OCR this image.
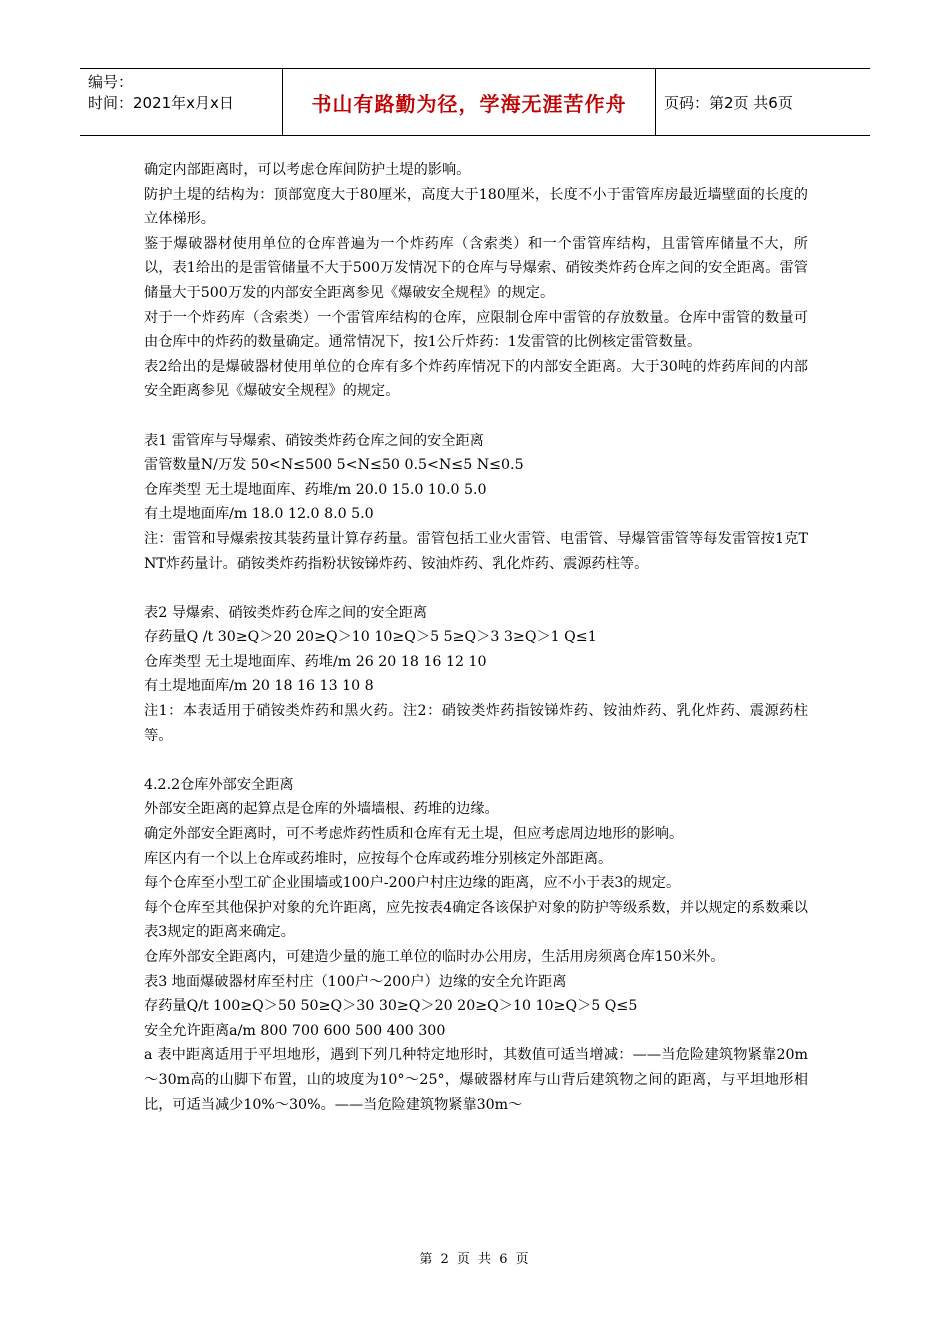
编号：
时间：2021年x月x日	书山有路勤为径，学海无涯苦作舟	页码：第2页 共6页

确定内部距离时，可以考虑仓库间防护土堤的影响。

防护土堤的结构为：顶部宽度大于80厘米，高度大于180厘米，长度不小于雷管库房最近墙壁面的长度的立体梯形。

鉴于爆破器材使用单位的仓库普遍为一个炸药库（含索类）和一个雷管库结构，且雷管库储量不大，所以，表1给出的是雷管储量不大于500万发情况下的仓库与导爆索、硝铵类炸药仓库之间的安全距离。雷管储量大于500万发的内部安全距离参见《爆破安全规程》的规定。

对于一个炸药库（含索类）一个雷管库结构的仓库，应限制仓库中雷管的存放数量。仓库中雷管的数量可由仓库中的炸药的数量确定。通常情况下，按1公斤炸药：1发雷管的比例核定雷管数量。

表2给出的是爆破器材使用单位的仓库有多个炸药库情况下的内部安全距离。大于30吨的炸药库间的内部安全距离参见《爆破安全规程》的规定。

表1 雷管库与导爆索、硝铵类炸药仓库之间的安全距离

雷管数量N/万发 50<N≤500 5<N≤50 0.5<N≤5 N≤0.5

仓库类型 无土堤地面库、药堆/m 20.0 15.0 10.0 5.0

有土堤地面库/m 18.0 12.0 8.0 5.0

注：雷管和导爆索按其装药量计算存药量。雷管包括工业火雷管、电雷管、导爆管雷管等每发雷管按1克TNT炸药量计。硝铵类炸药指粉状铵锑炸药、铵油炸药、乳化炸药、震源药柱等。

表2 导爆索、硝铵类炸药仓库之间的安全距离

存药量Q /t 30≥Q＞20 20≥Q＞10 10≥Q＞5 5≥Q＞3 3≥Q＞1 Q≤1

仓库类型 无土堤地面库、药堆/m 26 20 18 16 12 10

有土堤地面库/m 20 18 16 13 10 8

注1：本表适用于硝铵类炸药和黑火药。注2：硝铵类炸药指铵锑炸药、铵油炸药、乳化炸药、震源药柱等。

4.2.2仓库外部安全距离

外部安全距离的起算点是仓库的外墙墙根、药堆的边缘。

确定外部安全距离时，可不考虑炸药性质和仓库有无土堤，但应考虑周边地形的影响。

库区内有一个以上仓库或药堆时，应按每个仓库或药堆分别核定外部距离。

每个仓库至小型工矿企业围墙或100户-200户村庄边缘的距离，应不小于表3的规定。

每个仓库至其他保护对象的允许距离，应先按表4确定各该保护对象的防护等级系数，并以规定的系数乘以表3规定的距离来确定。

仓库外部安全距离内，可建造少量的施工单位的临时办公用房，生活用房须离仓库150米外。

表3 地面爆破器材库至村庄（100户～200户）边缘的安全允许距离

存药量Q/t 100≥Q＞50 50≥Q＞30 30≥Q＞20 20≥Q＞10 10≥Q＞5 Q≤5

安全允许距离a/m 800 700 600 500 400 300

a 表中距离适用于平坦地形，遇到下列几种特定地形时，其数值可适当增减：——当危险建筑物紧靠20m～30m高的山脚下布置，山的坡度为10°～25°，爆破器材库与山背后建筑物之间的距离，与平坦地形相比，可适当减少10%～30%。——当危险建筑物紧靠30m～

第 2 页 共 6 页
